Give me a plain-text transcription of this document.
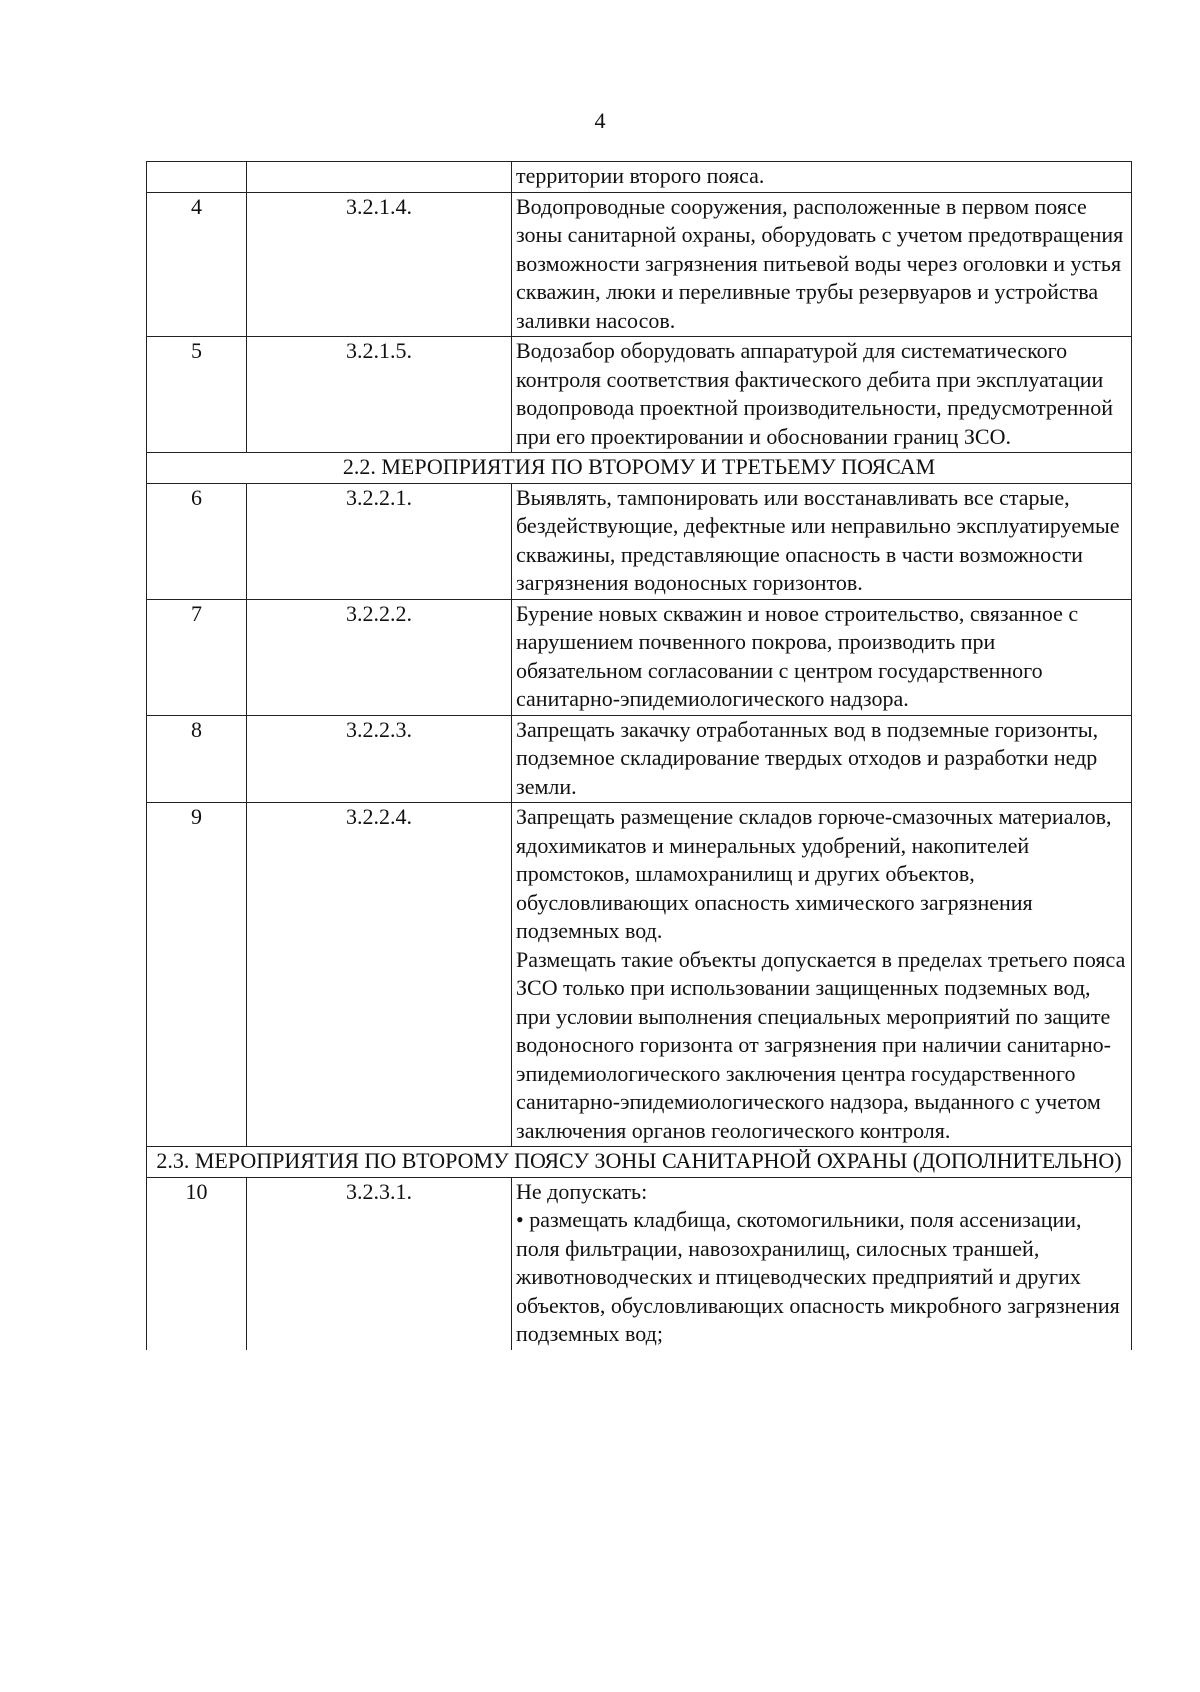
4

		территории второго пояса.

4	3.2.1.4.	Водопроводные сооружения, расположенные в первом поясе зоны санитарной охраны, оборудовать с учетом предотвращения возможности загрязнения питьевой воды через оголовки и устья скважин, люки и переливные трубы резервуаров и устройства заливки насосов.

5	3.2.1.5.	Водозабор оборудовать аппаратурой для систематического контроля соответствия фактического дебита при эксплуатации водопровода проектной производительности, предусмотренной при его проектировании и обосновании границ ЗСО.

2.2. МЕРОПРИЯТИЯ ПО ВТОРОМУ И ТРЕТЬЕМУ ПОЯСАМ		
6	3.2.2.1.	Выявлять, тампонировать или восстанавливать все старые, бездействующие, дефектные или неправильно эксплуатируемые скважины, представляющие опасность в части возможности загрязнения водоносных горизонтов.

7	3.2.2.2.	Бурение новых скважин и новое строительство, связанное с нарушением почвенного покрова, производить при обязательном согласовании с центром государственного санитарно-эпидемиологического надзора.

8	3.2.2.3.	Запрещать закачку отработанных вод в подземные горизонты, подземное складирование твердых отходов и разработки недр земли.

9	3.2.2.4.	Запрещать размещение складов горюче-смазочных материалов, ядохимикатов и минеральных удобрений, накопителей промстоков, шламохранилищ и других объектов, обусловливающих опасность химического загрязнения подземных вод.
Размещать такие объекты допускается в пределах третьего пояса ЗСО только при использовании защищенных подземных вод, при условии выполнения специальных мероприятий по защите водоносного горизонта от загрязнения при наличии санитарно-эпидемиологического заключения центра государственного санитарно-эпидемиологического надзора, выданного с учетом заключения органов геологического контроля.

2.3. МЕРОПРИЯТИЯ ПО ВТОРОМУ ПОЯСУ ЗОНЫ САНИТАРНОЙ ОХРАНЫ (ДОПОЛНИТЕЛЬНО)		
10	3.2.3.1.	Не допускать:
• размещать кладбища, скотомогильники, поля ассенизации, поля фильтрации, навозохранилищ, силосных траншей,
животноводческих и птицеводческих предприятий и других объектов, обусловливающих опасность микробного загрязнения подземных вод;
